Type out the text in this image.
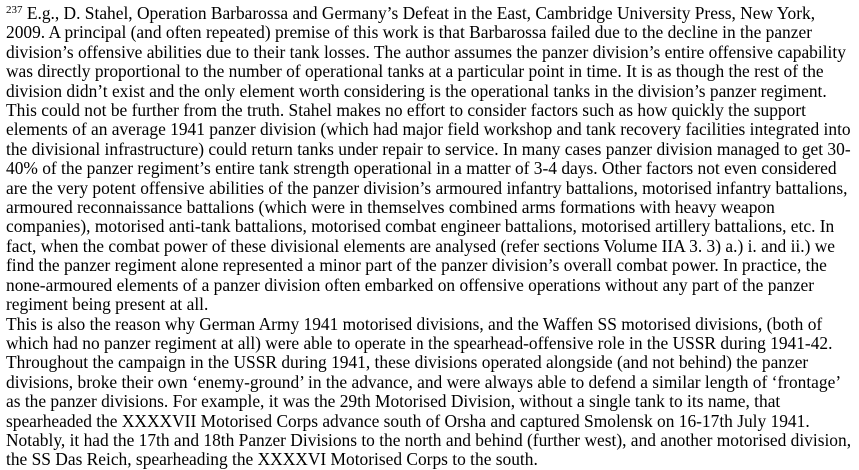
$^{237}$ E.g., D. Stahel, Operation Barbarossa and Germany’s Defeat in the East, Cambridge University Press, New York, 2009. A principal (and often repeated) premise of this work is that Barbarossa failed due to the decline in the panzer division’s offensive abilities due to their tank losses. The author assumes the panzer division’s entire offensive capability was directly proportional to the number of operational tanks at a particular point in time. It is as though the rest of the division didn’t exist and the only element worth considering is the operational tanks in the division’s panzer regiment. This could not be further from the truth. Stahel makes no effort to consider factors such as how quickly the support elements of an average 1941 panzer division (which had major field workshop and tank recovery facilities integrated into the divisional infrastructure) could return tanks under repair to service. In many cases panzer division managed to get 30-40% of the panzer regiment’s entire tank strength operational in a matter of 3-4 days. Other factors not even considered are the very potent offensive abilities of the panzer division’s armoured infantry battalions, motorised infantry battalions, armoured reconnaissance battalions (which were in themselves combined arms formations with heavy weapon companies), motorised anti-tank battalions, motorised combat engineer battalions, motorised artillery battalions, etc. In fact, when the combat power of these divisional elements are analysed (refer sections Volume IIA 3. 3) a.) i. and ii.) we find the panzer regiment alone represented a minor part of the panzer division’s overall combat power. In practice, the none-armoured elements of a panzer division often embarked on offensive operations without any part of the panzer regiment being present at all.

This is also the reason why German Army 1941 motorised divisions, and the Waffen SS motorised divisions, (both of which had no panzer regiment at all) were able to operate in the spearhead-offensive role in the USSR during 1941-42. Throughout the campaign in the USSR during 1941, these divisions operated alongside (and not behind) the panzer divisions, broke their own ‘enemy-ground’ in the advance, and were always able to defend a similar length of ‘frontage’ as the panzer divisions. For example, it was the 29th Motorised Division, without a single tank to its name, that spearheaded the XXXXVII Motorised Corps advance south of Orsha and captured Smolensk on 16-17th July 1941. Notably, it had the 17th and 18th Panzer Divisions to the north and behind (further west), and another motorised division, the SS Das Reich, spearheading the XXXXVI Motorised Corps to the south.
